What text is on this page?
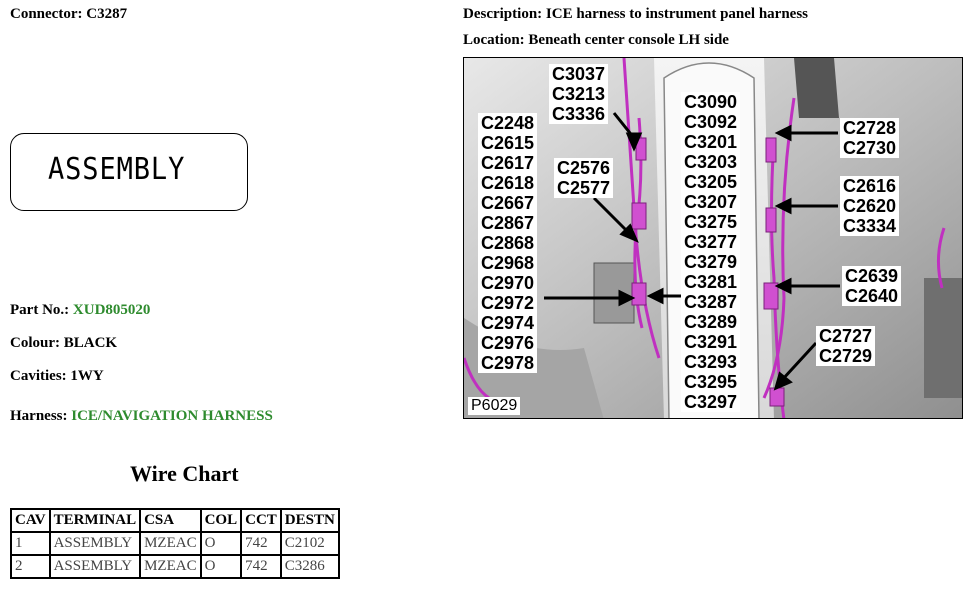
Connector: C3287	Description: ICE harness to instrument panel harness
Location: Beneath center console LH side
ASSEMBLY
Part No.: XUD805020
Colour: BLACK
Cavities: 1WY
Harness: ICE/NAVIGATION HARNESS
Wire Chart
CAV	TERMINAL	CSA	COL	CCT	DESTN
1	ASSEMBLY	MZEAC	O	742	C2102
2	ASSEMBLY	MZEAC	O	742	C3286
C3037
C3213
C3336
C2248
C2615
C2617
C2618
C2667
C2867
C2868
C2968
C2970
C2972
C2974
C2976
C2978
C2576
C2577
C3090
C3092
C3201
C3203
C3205
C3207
C3275
C3277
C3279
C3281
C3287
C3289
C3291
C3293
C3295
C3297
C2728
C2730
C2616
C2620
C3334
C2639
C2640
C2727
C2729
P6029
